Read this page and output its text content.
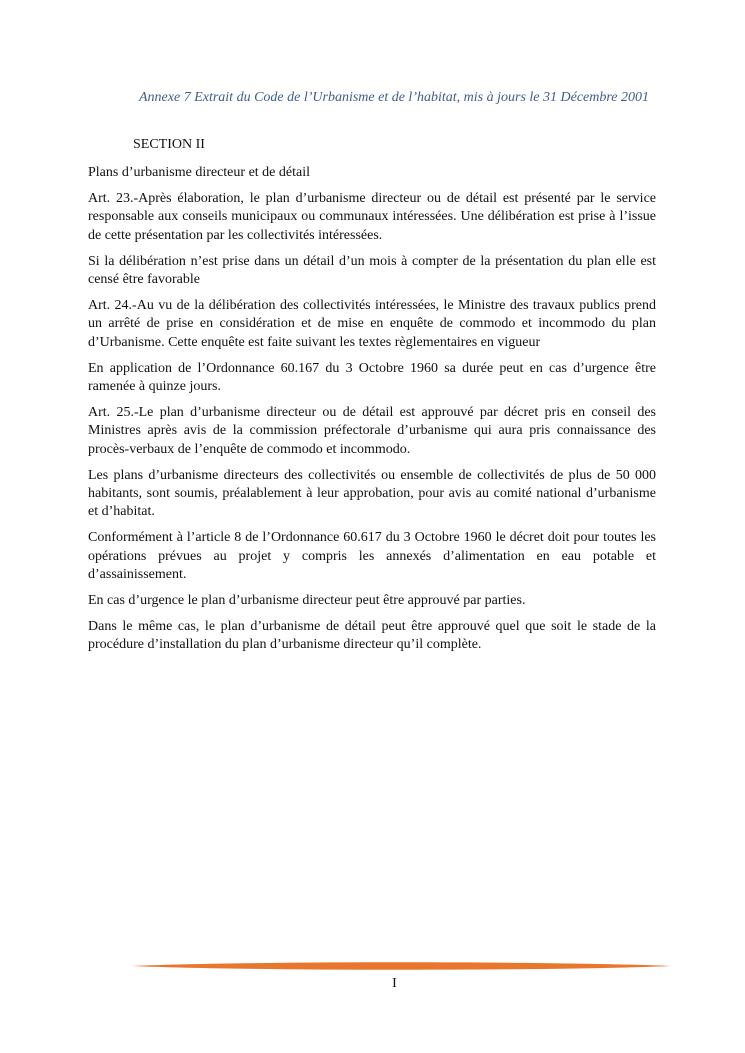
Annexe 7 Extrait du Code de l’Urbanisme et de l’habitat, mis à jours le 31 Décembre 2001
SECTION II

Plans d’urbanisme directeur et de détail

Art. 23.-Après élaboration, le plan d’urbanisme directeur ou de détail est présenté par le service responsable aux conseils municipaux ou communaux intéressées. Une délibération est prise à l’issue de cette présentation par les collectivités intéressées.

Si la délibération n’est prise dans un détail d’un mois à compter de la présentation du plan elle est censé être favorable

Art. 24.-Au vu de la délibération des collectivités intéressées, le Ministre des travaux publics prend un arrêté de prise en considération et de mise en enquête de commodo et incommodo du plan d’Urbanisme. Cette enquête est faite suivant les textes règlementaires en vigueur

En application de l’Ordonnance 60.167 du 3 Octobre 1960 sa durée peut en cas d’urgence être ramenée à quinze jours.

Art. 25.-Le plan d’urbanisme directeur ou de détail est approuvé par décret pris en conseil des Ministres après avis de la commission préfectorale d’urbanisme qui aura pris connaissance des procès-verbaux de l’enquête de commodo et incommodo.

Les plans d’urbanisme directeurs des collectivités ou ensemble de collectivités de plus de 50 000 habitants, sont soumis, préalablement à leur approbation, pour avis au comité national d’urbanisme et d’habitat.

Conformément à l’article 8 de l’Ordonnance 60.617 du 3 Octobre 1960 le décret doit pour toutes les opérations prévues au projet y compris les annexés d’alimentation en eau potable et d’assainissement.

En cas d’urgence le plan d’urbanisme directeur peut être approuvé par parties.

Dans le même cas, le plan d’urbanisme de détail peut être approuvé quel que soit le stade de la procédure d’installation du plan d’urbanisme directeur qu’il complète.

I
